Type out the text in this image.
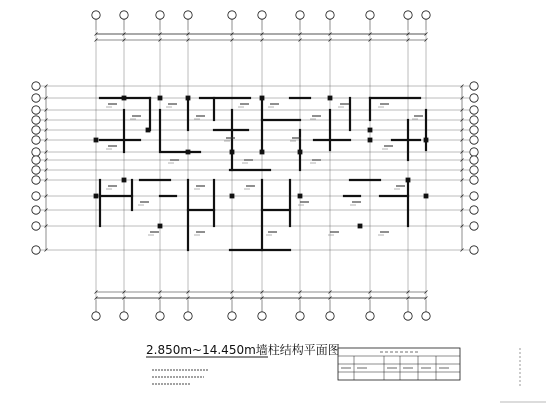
2.850m~14.450m墙柱结构平面图
